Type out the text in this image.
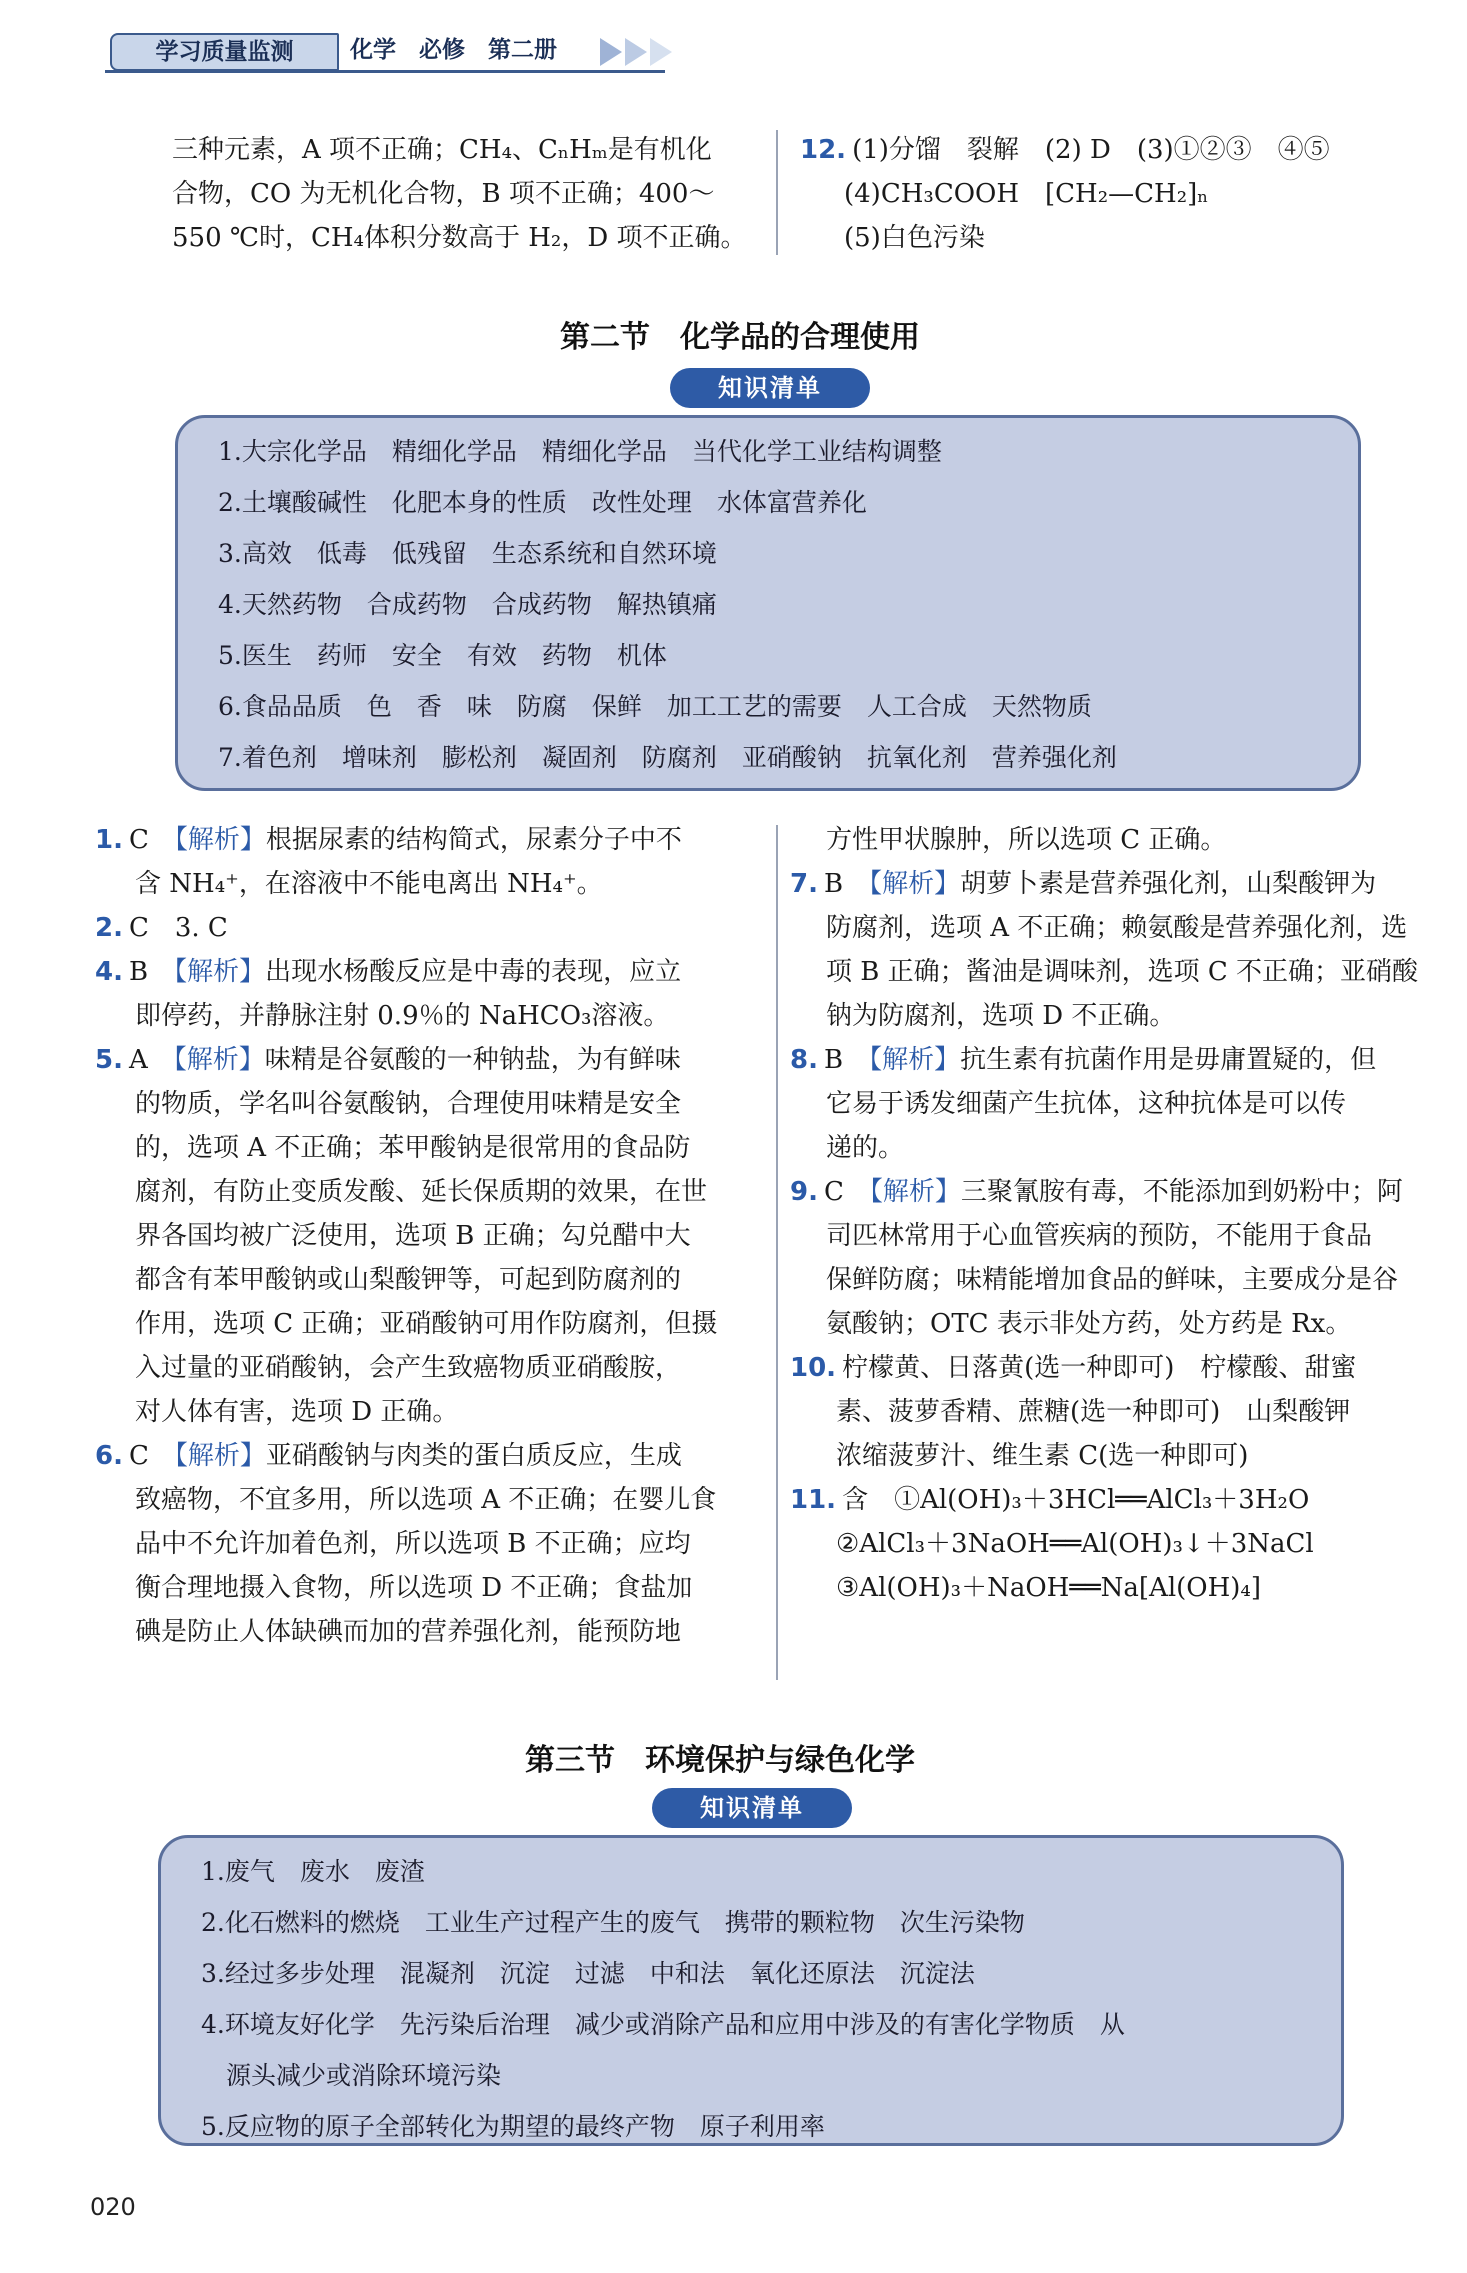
学习质量监测	化学　必修　第二册

三种元素，A 项不正确；CH₄、CₙHₘ是有机化

合物，CO 为无机化合物，B 项不正确；400～

550 ℃时，CH₄体积分数高于 H₂，D 项不正确。

12. (1)分馏　裂解　(2) D　(3)①②③　④⑤

(4)CH₃COOH　[CH₂—CH₂]ₙ

(5)白色污染

第二节　化学品的合理使用
知识清单
1.大宗化学品　精细化学品　精细化学品　当代化学工业结构调整
2.土壤酸碱性　化肥本身的性质　改性处理　水体富营养化
3.高效　低毒　低残留　生态系统和自然环境
4.天然药物　合成药物　合成药物　解热镇痛
5.医生　药师　安全　有效　药物　机体
6.食品品质　色　香　味　防腐　保鲜　加工工艺的需要　人工合成　天然物质
7.着色剂　增味剂　膨松剂　凝固剂　防腐剂　亚硝酸钠　抗氧化剂　营养强化剂

1. C　 【解析】根据尿素的结构简式，尿素分子中不

含 NH₄⁺，在溶液中不能电离出 NH₄⁺。

2. C　3. C

4. B　 【解析】出现水杨酸反应是中毒的表现，应立

即停药，并静脉注射 0.9％的 NaHCO₃溶液。

5. A　 【解析】味精是谷氨酸的一种钠盐，为有鲜味

的物质，学名叫谷氨酸钠，合理使用味精是安全

的，选项 A 不正确；苯甲酸钠是很常用的食品防

腐剂，有防止变质发酸、延长保质期的效果，在世

界各国均被广泛使用，选项 B 正确；勾兑醋中大

都含有苯甲酸钠或山梨酸钾等，可起到防腐剂的

作用，选项 C 正确；亚硝酸钠可用作防腐剂，但摄

入过量的亚硝酸钠，会产生致癌物质亚硝酸胺，

对人体有害，选项 D 正确。

6. C　 【解析】亚硝酸钠与肉类的蛋白质反应，生成

致癌物，不宜多用，所以选项 A 不正确；在婴儿食

品中不允许加着色剂，所以选项 B 不正确；应均

衡合理地摄入食物，所以选项 D 不正确；食盐加

碘是防止人体缺碘而加的营养强化剂，能预防地

方性甲状腺肿，所以选项 C 正确。

7. B　 【解析】胡萝卜素是营养强化剂，山梨酸钾为

防腐剂，选项 A 不正确；赖氨酸是营养强化剂，选

项 B 正确；酱油是调味剂，选项 C 不正确；亚硝酸

钠为防腐剂，选项 D 不正确。

8. B　 【解析】抗生素有抗菌作用是毋庸置疑的，但

它易于诱发细菌产生抗体，这种抗体是可以传

递的。

9. C　 【解析】三聚氰胺有毒，不能添加到奶粉中；阿

司匹林常用于心血管疾病的预防，不能用于食品

保鲜防腐；味精能增加食品的鲜味，主要成分是谷

氨酸钠；OTC 表示非处方药，处方药是 Rx。

10. 柠檬黄、日落黄(选一种即可)　柠檬酸、甜蜜

素、菠萝香精、蔗糖(选一种即可)　山梨酸钾

浓缩菠萝汁、维生素 C(选一种即可)

11. 含　①Al(OH)₃＋3HCl══AlCl₃＋3H₂O

②AlCl₃＋3NaOH══Al(OH)₃↓＋3NaCl

③Al(OH)₃＋NaOH══Na[Al(OH)₄]

第三节　环境保护与绿色化学
知识清单
1.废气　废水　废渣
2.化石燃料的燃烧　工业生产过程产生的废气　携带的颗粒物　次生污染物
3.经过多步处理　混凝剂　沉淀　过滤　中和法　氧化还原法　沉淀法
4.环境友好化学　先污染后治理　减少或消除产品和应用中涉及的有害化学物质　从
　源头减少或消除环境污染
5.反应物的原子全部转化为期望的最终产物　原子利用率
020
